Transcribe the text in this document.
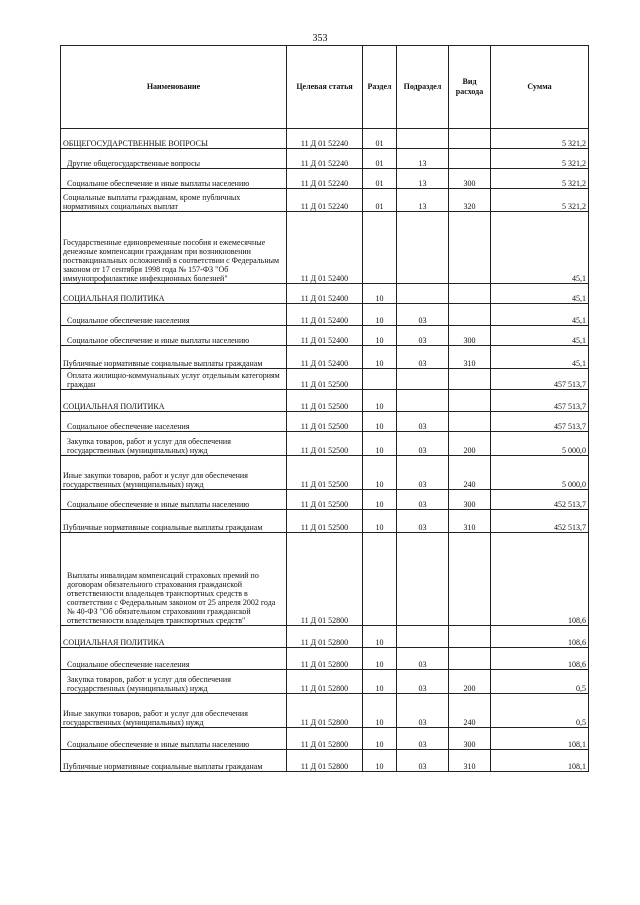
353
Наименование	Целевая статья	Раздел	Подраздел	Вид расхода	Сумма
ОБЩЕГОСУДАРСТВЕННЫЕ ВОПРОСЫ	11 Д 01 52240	01			5 321,2
Другие общегосударственные вопросы	11 Д 01 52240	01	13		5 321,2
Социальное обеспечение и иные выплаты населению	11 Д 01 52240	01	13	300	5 321,2
Социальные выплаты гражданам, кроме публичных нормативных социальных выплат	11 Д 01 52240	01	13	320	5 321,2
Государственные единовременные пособия и ежемесячные денежные компенсации гражданам при возникновении поствакцинальных осложнений в соответствии с Федеральным законом от 17 сентября 1998 года № 157-ФЗ "Об иммунопрофилактике инфекционных болезней"	11 Д 01 52400				45,1
СОЦИАЛЬНАЯ ПОЛИТИКА	11 Д 01 52400	10			45,1
Социальное обеспечение населения	11 Д 01 52400	10	03		45,1
Социальное обеспечение и иные выплаты населению	11 Д 01 52400	10	03	300	45,1
Публичные нормативные социальные выплаты гражданам	11 Д 01 52400	10	03	310	45,1
Оплата жилищно-коммунальных услуг отдельным категориям граждан	11 Д 01 52500				457 513,7
СОЦИАЛЬНАЯ ПОЛИТИКА	11 Д 01 52500	10			457 513,7
Социальное обеспечение населения	11 Д 01 52500	10	03		457 513,7
Закупка товаров, работ и услуг для обеспечения государственных (муниципальных) нужд	11 Д 01 52500	10	03	200	5 000,0
Иные закупки товаров, работ и услуг для обеспечения государственных (муниципальных) нужд	11 Д 01 52500	10	03	240	5 000,0
Социальное обеспечение и иные выплаты населению	11 Д 01 52500	10	03	300	452 513,7
Публичные нормативные социальные выплаты гражданам	11 Д 01 52500	10	03	310	452 513,7
Выплаты инвалидам компенсаций страховых премий по договорам обязательного страхования гражданской ответственности владельцев транспортных средств в соответствии с Федеральным законом от 25 апреля 2002 года № 40-ФЗ "Об обязательном страховании гражданской ответственности владельцев транспортных средств"	11 Д 01 52800				108,6
СОЦИАЛЬНАЯ ПОЛИТИКА	11 Д 01 52800	10			108,6
Социальное обеспечение населения	11 Д 01 52800	10	03		108,6
Закупка товаров, работ и услуг для обеспечения государственных (муниципальных) нужд	11 Д 01 52800	10	03	200	0,5
Иные закупки товаров, работ и услуг для обеспечения государственных (муниципальных) нужд	11 Д 01 52800	10	03	240	0,5
Социальное обеспечение и иные выплаты населению	11 Д 01 52800	10	03	300	108,1
Публичные нормативные социальные выплаты гражданам	11 Д 01 52800	10	03	310	108,1
